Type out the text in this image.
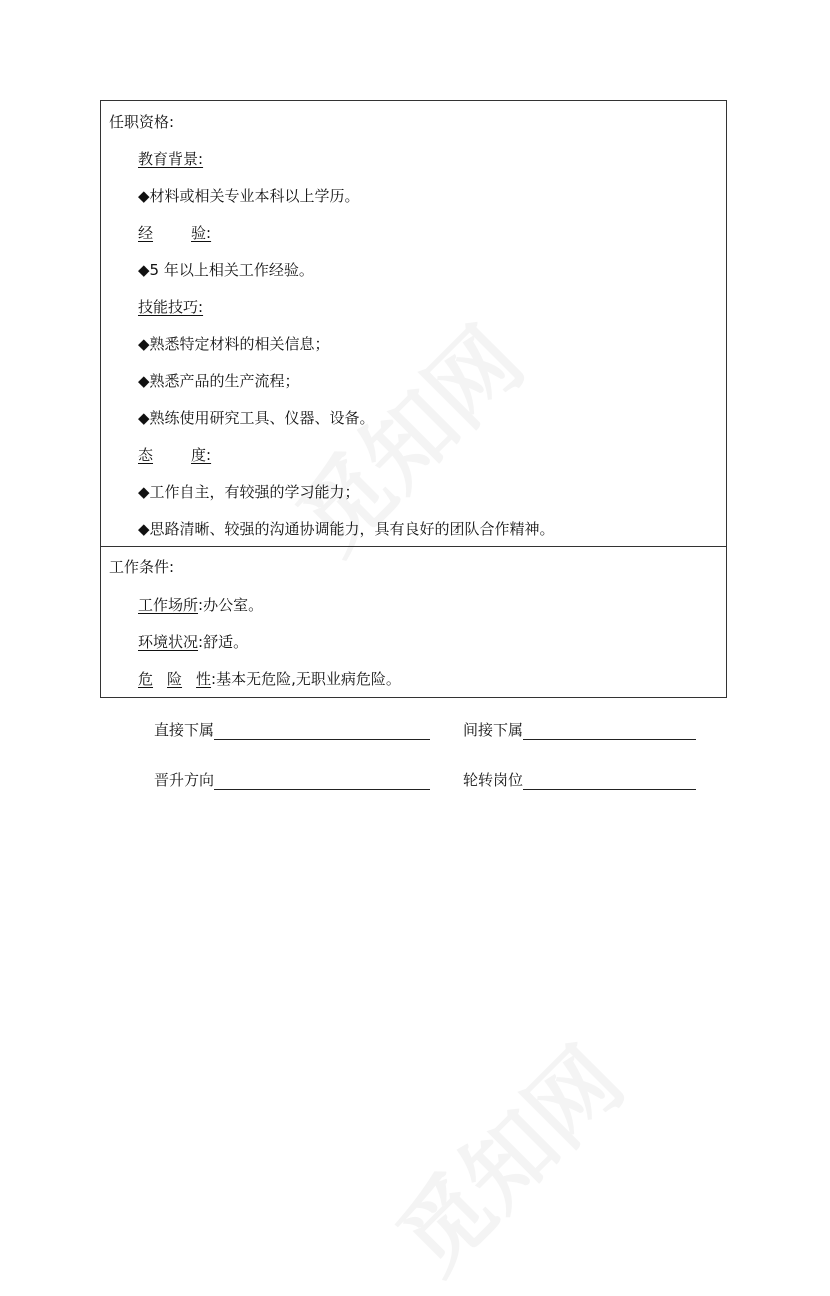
任职资格:
教育背景:
◆材料或相关专业本科以上学历。
经	验:
◆5 年以上相关工作经验。
技能技巧:
◆熟悉特定材料的相关信息；
◆熟悉产品的生产流程；
◆熟练使用研究工具、仪器、设备。
态	度:
◆工作自主，有较强的学习能力；
◆思路清晰、较强的沟通协调能力，具有良好的团队合作精神。
工作条件:
工作场所:办公室。
环境状况:舒适。
危 险 性:基本无危险,无职业病危险。
直接下属	间接下属
晋升方向	轮转岗位
